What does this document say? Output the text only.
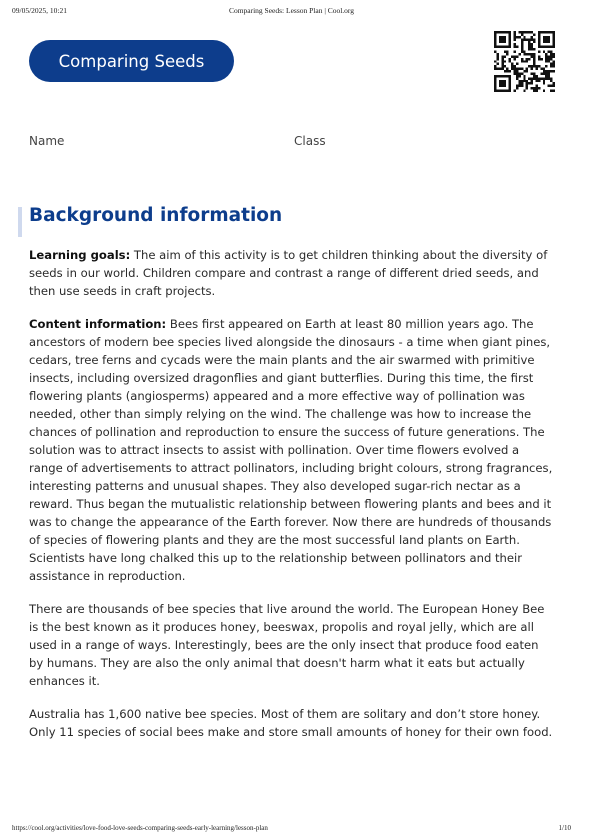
09/05/2025, 10:21	Comparing Seeds: Lesson Plan | Cool.org
Comparing Seeds
Name	Class
Background information

Learning goals: The aim of this activity is to get children thinking about the diversity of seeds in our world. Children compare and contrast a range of different dried seeds, and then use seeds in craft projects.

Content information: Bees first appeared on Earth at least 80 million years ago. The ancestors of modern bee species lived alongside the dinosaurs - a time when giant pines, cedars, tree ferns and cycads were the main plants and the air swarmed with primitive insects, including oversized dragonflies and giant butterflies. During this time, the first flowering plants (angiosperms) appeared and a more effective way of pollination was needed, other than simply relying on the wind. The challenge was how to increase the chances of pollination and reproduction to ensure the success of future generations. The solution was to attract insects to assist with pollination. Over time flowers evolved a range of advertisements to attract pollinators, including bright colours, strong fragrances, interesting patterns and unusual shapes. They also developed sugar-rich nectar as a reward. Thus began the mutualistic relationship between flowering plants and bees and it was to change the appearance of the Earth forever. Now there are hundreds of thousands of species of flowering plants and they are the most successful land plants on Earth. Scientists have long chalked this up to the relationship between pollinators and their assistance in reproduction.

There are thousands of bee species that live around the world. The European Honey Bee is the best known as it produces honey, beeswax, propolis and royal jelly, which are all used in a range of ways. Interestingly, bees are the only insect that produce food eaten by humans. They are also the only animal that doesn't harm what it eats but actually enhances it.

Australia has 1,600 native bee species. Most of them are solitary and don’t store honey. Only 11 species of social bees make and store small amounts of honey for their own food.

https://cool.org/activities/love-food-love-seeds-comparing-seeds-early-learning/lesson-plan	1/10
